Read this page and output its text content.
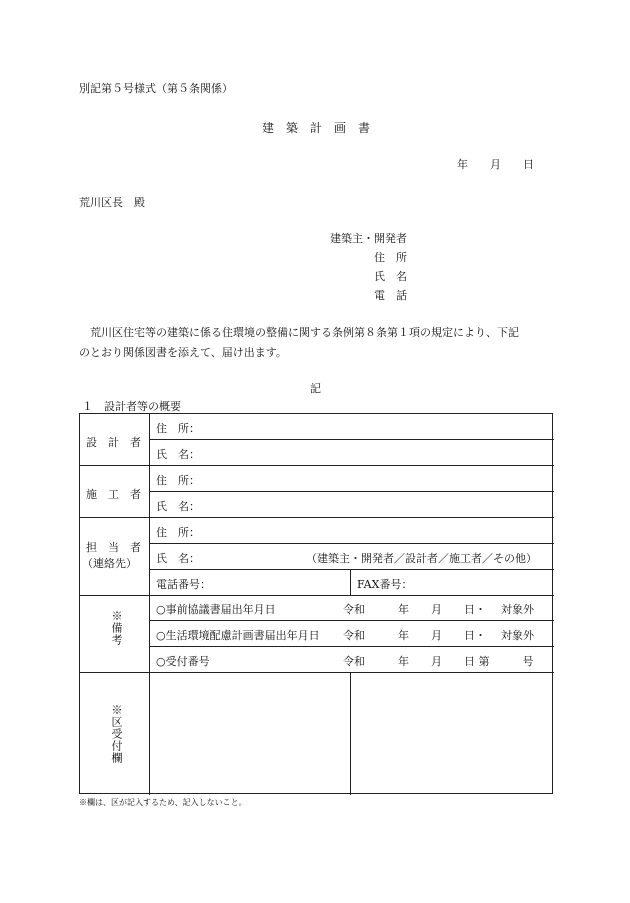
別記第５号様式（第５条関係）
建　築　計　画　書
年　　月　　日
荒川区長　殿
建築主・開発者
住　所
氏　名
電　話
　荒川区住宅等の建築に係る住環境の整備に関する条例第８条第１項の規定により、下記
のとおり関係図書を添えて、届け出ます。
記
１　設計者等の概要
設　計　者
住　所：
氏　名：
施　工　者
住　所：
氏　名：
担　当　者
（連絡先）
住　所：
氏　名：	（建築主・開発者／設計者／施工者／その他）
電話番号：	FAX番号：
※備考
○事前協議書届出年月日	令和　　　年　　月　　日・ 対象外
○生活環境配慮計画書届出年月日 令和　　　年　　月　　日・ 対象外
○受付番号	令和　　　年　　月　　日 第　　　号
※区受付欄
※欄は、区が記入するため、記入しないこと。
